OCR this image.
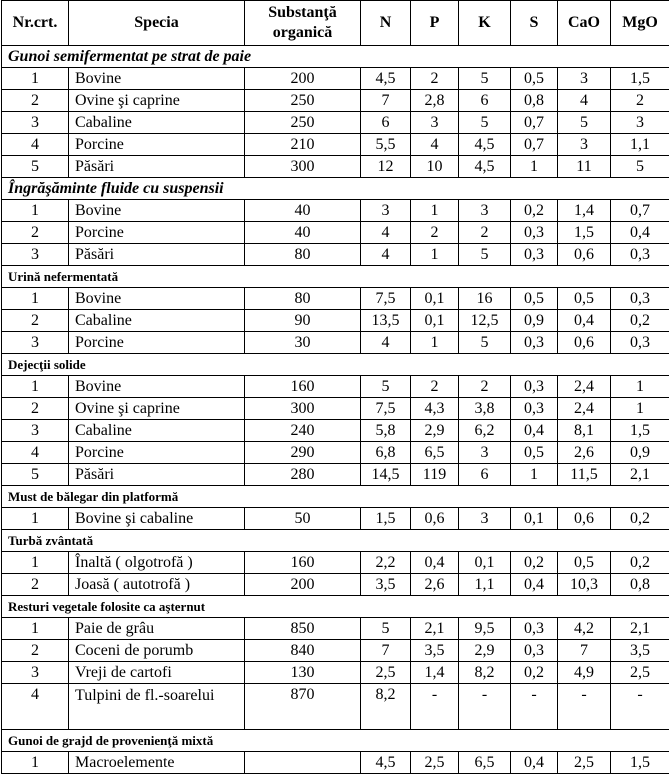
Nr.crt.	Specia	Substanţă organică	N	P	K	S	CaO	MgO
Gunoi semifermentat pe strat de paie								
1	Bovine	200	4,5	2	5	0,5	3	1,5
2	Ovine şi caprine	250	7	2,8	6	0,8	4	2
3	Cabaline	250	6	3	5	0,7	5	3
4	Porcine	210	5,5	4	4,5	0,7	3	1,1
5	Păsări	300	12	10	4,5	1	11	5
Îngrăşăminte fluide cu suspensii								
1	Bovine	40	3	1	3	0,2	1,4	0,7
2	Porcine	40	4	2	2	0,3	1,5	0,4
3	Păsări	80	4	1	5	0,3	0,6	0,3
Urină nefermentată								
1	Bovine	80	7,5	0,1	16	0,5	0,5	0,3
2	Cabaline	90	13,5	0,1	12,5	0,9	0,4	0,2
3	Porcine	30	4	1	5	0,3	0,6	0,3
Dejecţii solide								
1	Bovine	160	5	2	2	0,3	2,4	1
2	Ovine şi caprine	300	7,5	4,3	3,8	0,3	2,4	1
3	Cabaline	240	5,8	2,9	6,2	0,4	8,1	1,5
4	Porcine	290	6,8	6,5	3	0,5	2,6	0,9
5	Păsări	280	14,5	119	6	1	11,5	2,1
Must de bălegar din platformă								
1	Bovine şi cabaline	50	1,5	0,6	3	0,1	0,6	0,2
Turbă zvântată								
1	Înaltă ( olgotrofă )	160	2,2	0,4	0,1	0,2	0,5	0,2
2	Joasă ( autotrofă )	200	3,5	2,6	1,1	0,4	10,3	0,8
Resturi vegetale folosite ca aşternut								
1	Paie de grâu	850	5	2,1	9,5	0,3	4,2	2,1
2	Coceni de porumb	840	7	3,5	2,9	0,3	7	3,5
3	Vreji de cartofi	130	2,5	1,4	8,2	0,2	4,9	2,5
4	Tulpini de fl.-soarelui	870	8,2	-	-	-	-	-
Gunoi de grajd de provenienţă mixtă								
1	Macroelemente		4,5	2,5	6,5	0,4	2,5	1,5
